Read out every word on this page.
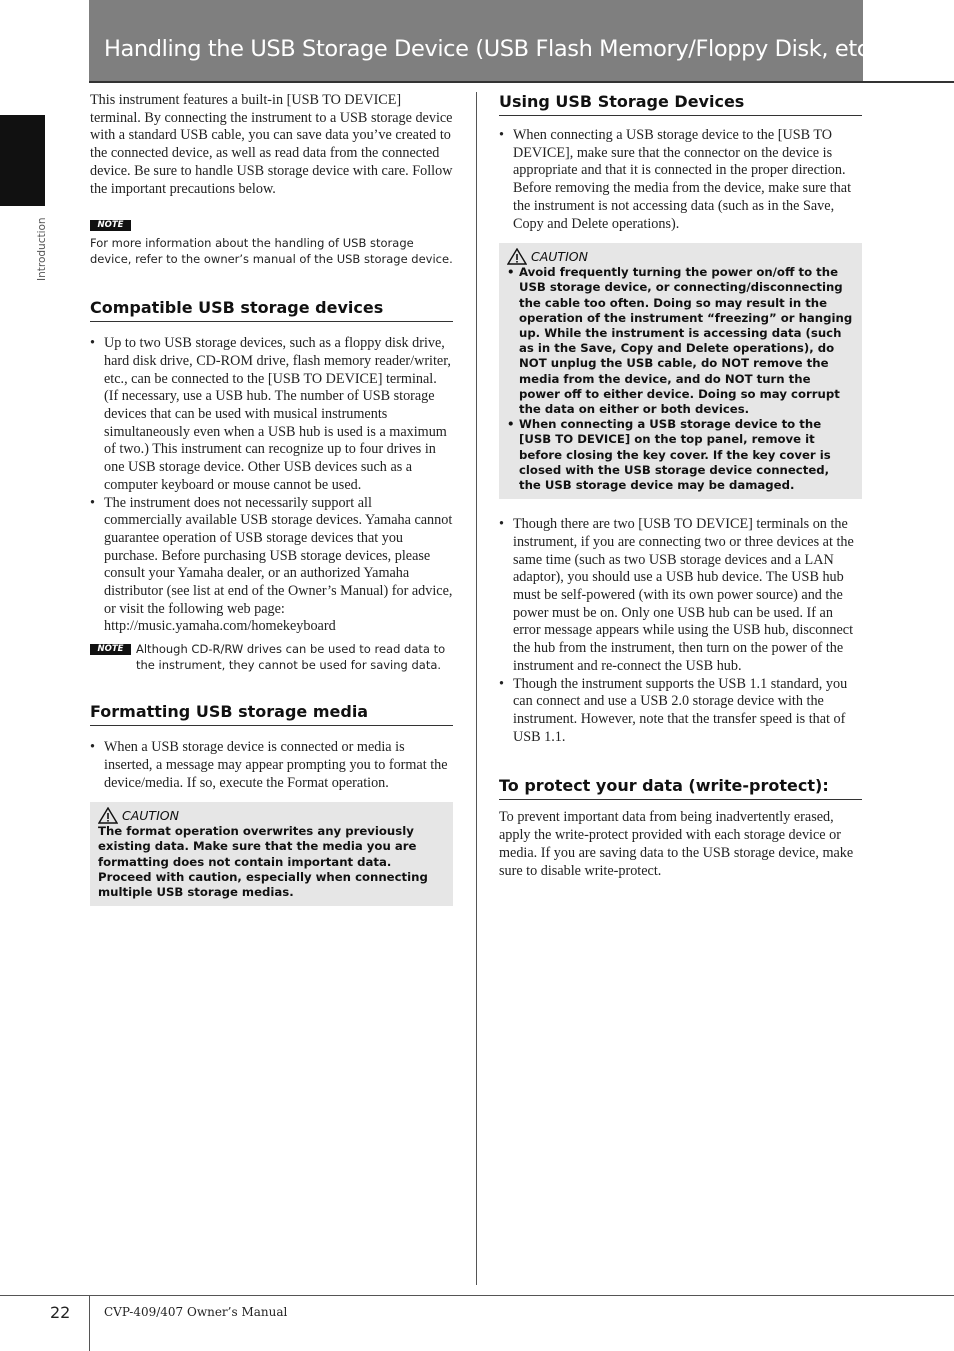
Handling the USB Storage Device (USB Flash Memory/Floppy Disk, etc)
Introduction

This instrument features a built-in [USB TO DEVICE] terminal. By connecting the instrument to a USB storage device with a standard USB cable, you can save data you’ve created to the connected device, as well as read data from the connected device. Be sure to handle USB storage device with care. Follow the important precautions below.

NOTE
For more information about the handling of USB storage device, refer to the owner’s manual of the USB storage device.
Compatible USB storage devices
• Up to two USB storage devices, such as a floppy disk drive, hard disk drive, CD-ROM drive, flash memory reader/writer, etc., can be connected to the [USB TO DEVICE] terminal. (If necessary, use a USB hub. The number of USB storage devices that can be used with musical instruments simultaneously even when a USB hub is used is a maximum of two.) This instrument can recognize up to four drives in one USB storage device. Other USB devices such as a computer keyboard or mouse cannot be used.
• The instrument does not necessarily support all commercially available USB storage devices. Yamaha cannot guarantee operation of USB storage devices that you purchase. Before purchasing USB storage devices, please consult your Yamaha dealer, or an authorized Yamaha distributor (see list at end of the Owner’s Manual) for advice, or visit the following web page: http://music.yamaha.com/homekeyboard
NOTE	Although CD-R/RW drives can be used to read data to the instrument, they cannot be used for saving data.
Formatting USB storage media
• When a USB storage device is connected or media is inserted, a message may appear prompting you to format the device/media. If so, execute the Format operation.
CAUTION
The format operation overwrites any previously existing data. Make sure that the media you are formatting does not contain important data. Proceed with caution, especially when connecting multiple USB storage medias.
Using USB Storage Devices
• When connecting a USB storage device to the [USB TO DEVICE], make sure that the connector on the device is appropriate and that it is connected in the proper direction. Before removing the media from the device, make sure that the instrument is not accessing data (such as in the Save, Copy and Delete operations).
CAUTION
• Avoid frequently turning the power on/off to the USB storage device, or connecting/disconnecting the cable too often. Doing so may result in the operation of the instrument “freezing” or hanging up. While the instrument is accessing data (such as in the Save, Copy and Delete operations), do NOT unplug the USB cable, do NOT remove the media from the device, and do NOT turn the power off to either device. Doing so may corrupt the data on either or both devices.
• When connecting a USB storage device to the [USB TO DEVICE] on the top panel, remove it before closing the key cover. If the key cover is closed with the USB storage device connected, the USB storage device may be damaged.
• Though there are two [USB TO DEVICE] terminals on the instrument, if you are connecting two or three devices at the same time (such as two USB storage devices and a LAN adaptor), you should use a USB hub device. The USB hub must be self-powered (with its own power source) and the power must be on. Only one USB hub can be used. If an error message appears while using the USB hub, disconnect the hub from the instrument, then turn on the power of the instrument and re-connect the USB hub.
• Though the instrument supports the USB 1.1 standard, you can connect and use a USB 2.0 storage device with the instrument. However, note that the transfer speed is that of USB 1.1.
To protect your data (write-protect):

To prevent important data from being inadvertently erased, apply the write-protect provided with each storage device or media. If you are saving data to the USB storage device, make sure to disable write-protect.

22	CVP-409/407 Owner’s Manual
